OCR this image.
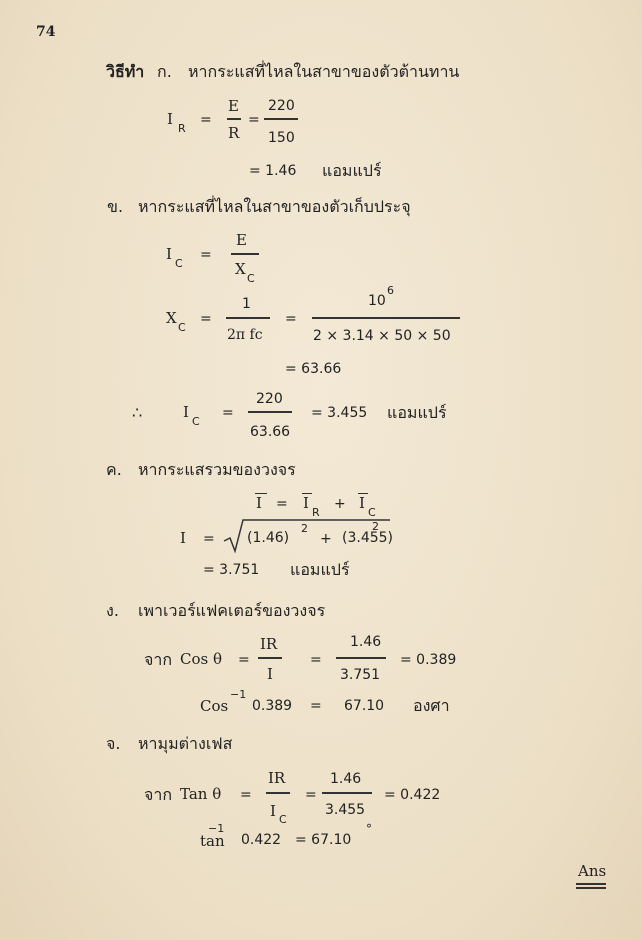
74
วิธีทำ ก. หากระแสที่ไหลในสาขาของตัวต้านทาน
I
R
=
E
R
=
220
150
= 1.46 แอมแปร์
ข. หากระแสที่ไหลในสาขาของตัวเก็บประจุ
I
C
=
E
X
C
X
C
=
1
2π fc
=
10
6
2 × 3.14 × 50 × 50
= 63.66
∴	I
C
=
220
63.66
= 3.455 แอมแปร์
ค. หากระแสรวมของวงจร
I = I
R
+ I
C
I = (1.46)
2
+ (3.455)
2
= 3.751 แอมแปร์
ง. เพาเวอร์แฟคเตอร์ของวงจร
จาก Cos θ =
IR
I
=
1.46
3.751
= 0.389
Cos
−1
0.389 = 67.10 องศา
จ. หามุมต่างเฟส
จาก Tan θ =
IR
I C
=
1.46
3.455
= 0.422
tan
−1
0.422 = 67.10
°
Ans
